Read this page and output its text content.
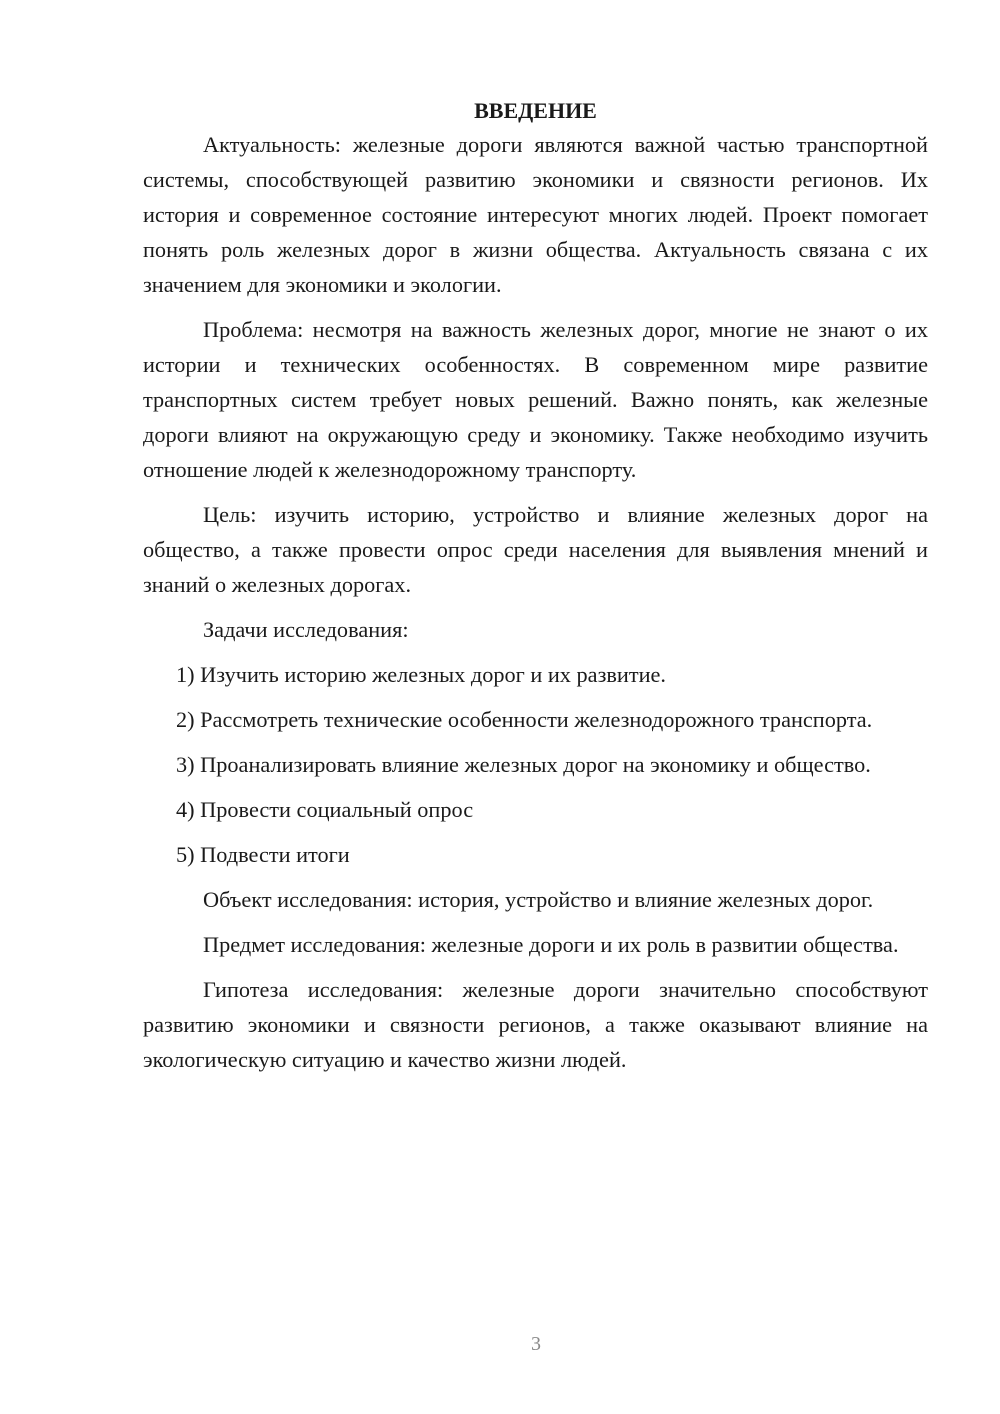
ВВЕДЕНИЕ

Актуальность: железные дороги являются важной частью транспортной системы, способствующей развитию экономики и связности регионов. Их история и современное состояние интересуют многих людей. Проект помогает понять роль железных дорог в жизни общества. Актуальность связана с их значением для экономики и экологии.

Проблема: несмотря на важность железных дорог, многие не знают о их истории и технических особенностях. В современном мире развитие транспортных систем требует новых решений. Важно понять, как железные дороги влияют на окружающую среду и экономику. Также необходимо изучить отношение людей к железнодорожному транспорту.

Цель: изучить историю, устройство и влияние железных дорог на общество, а также провести опрос среди населения для выявления мнений и знаний о железных дорогах.

Задачи исследования:

1) Изучить историю железных дорог и их развитие.

2) Рассмотреть технические особенности железнодорожного транспорта.

3) Проанализировать влияние железных дорог на экономику и общество.

4) Провести социальный опрос

5) Подвести итоги

Объект исследования: история, устройство и влияние железных дорог.

Предмет исследования: железные дороги и их роль в развитии общества.

Гипотеза исследования: железные дороги значительно способствуют развитию экономики и связности регионов, а также оказывают влияние на экологическую ситуацию и качество жизни людей.

3
